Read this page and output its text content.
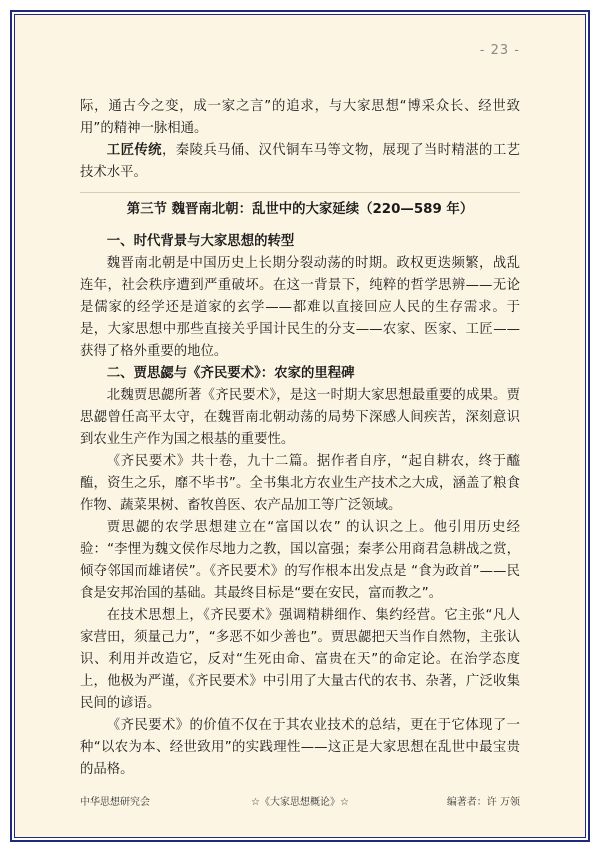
- 23 -

际，通古今之变，成一家之言”的追求，与大家思想“博采众长、经世致用”的精神一脉相通。

工匠传统，秦陵兵马俑、汉代铜车马等文物，展现了当时精湛的工艺技术水平。

第三节 魏晋南北朝：乱世中的大家延续（220—589 年）

一、时代背景与大家思想的转型

魏晋南北朝是中国历史上长期分裂动荡的时期。政权更迭频繁，战乱连年，社会秩序遭到严重破坏。在这一背景下，纯粹的哲学思辨——无论是儒家的经学还是道家的玄学——都难以直接回应人民的生存需求。于是，大家思想中那些直接关乎国计民生的分支——农家、医家、工匠——获得了格外重要的地位。

二、贾思勰与《齐民要术》：农家的里程碑

北魏贾思勰所著《齐民要术》，是这一时期大家思想最重要的成果。贾思勰曾任高平太守，在魏晋南北朝动荡的局势下深感人间疾苦，深刻意识到农业生产作为国之根基的重要性。

《齐民要术》共十卷，九十二篇。据作者自序，“起自耕农，终于醯醢，资生之乐，靡不毕书”。全书集北方农业生产技术之大成，涵盖了粮食作物、蔬菜果树、畜牧兽医、农产品加工等广泛领域。

贾思勰的农学思想建立在“富国以农” 的认识之上。他引用历史经验：“李悝为魏文侯作尽地力之教，国以富强；秦孝公用商君急耕战之赏，倾夺邻国而雄诸侯”。《齐民要术》的写作根本出发点是 “食为政首”——民食是安邦治国的基础。其最终目标是“要在安民，富而教之”。

在技术思想上，《齐民要术》强调精耕细作、集约经营。它主张“凡人家营田，须量己力”，“多恶不如少善也”。贾思勰把天当作自然物，主张认识、利用并改造它，反对“生死由命、富贵在天”的命定论。在治学态度上，他极为严谨，《齐民要术》中引用了大量古代的农书、杂著，广泛收集民间的谚语。

《齐民要术》的价值不仅在于其农业技术的总结，更在于它体现了一种“以农为本、经世致用”的实践理性——这正是大家思想在乱世中最宝贵的品格。

中华思想研究会	☆《大家思想概论》☆	编著者：许 万领
